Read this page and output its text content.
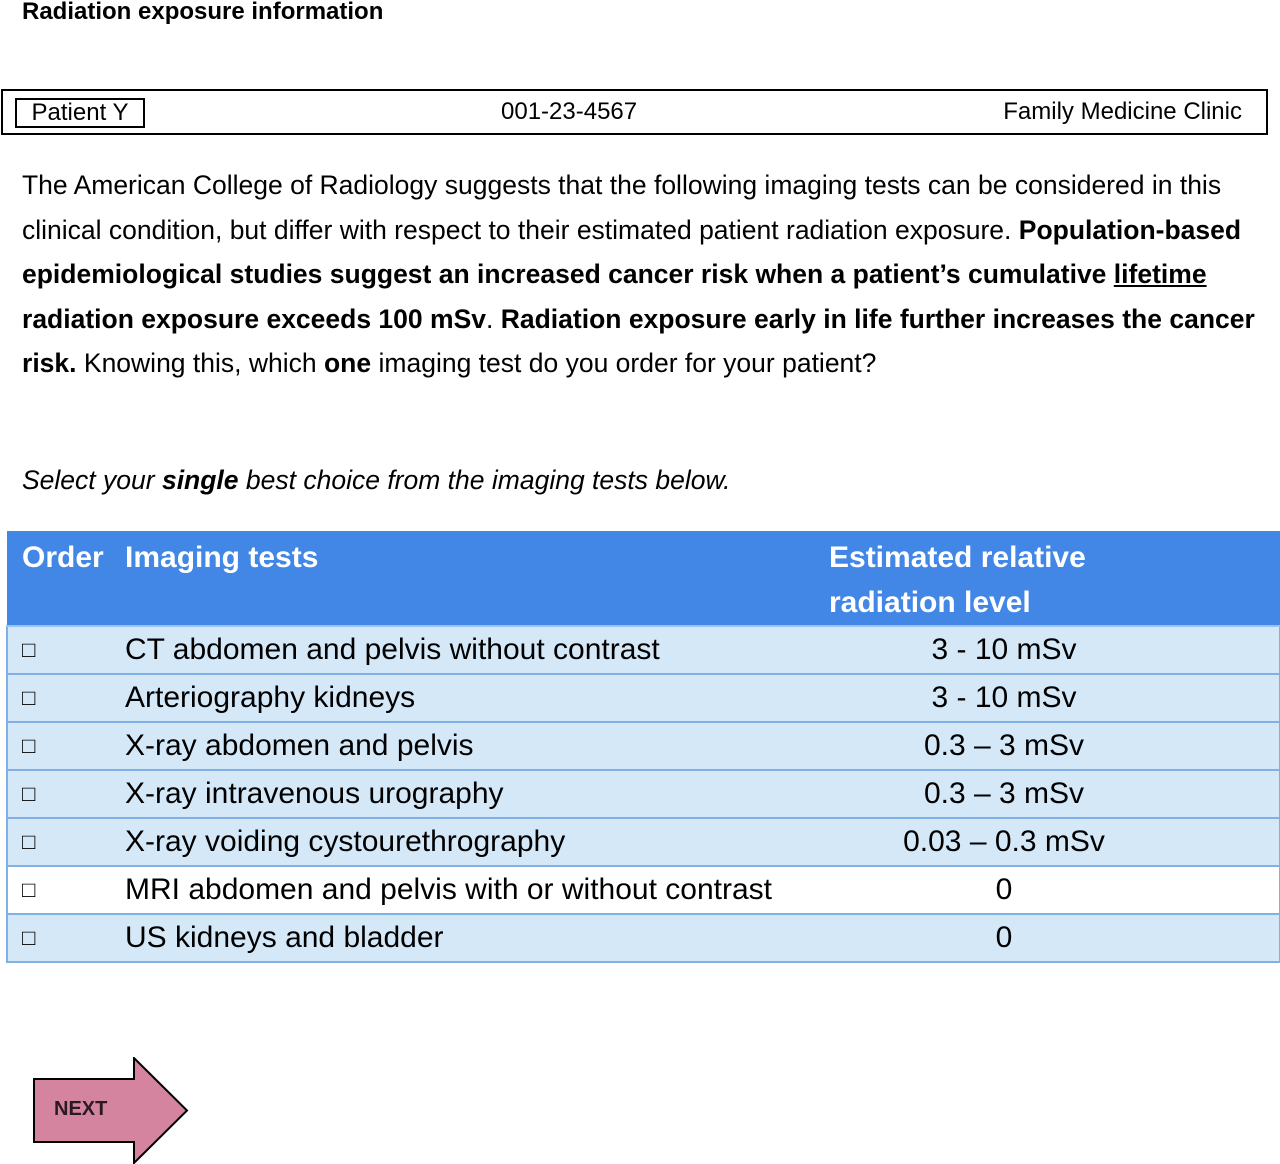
Radiation exposure information
Patient Y	001-23-4567	Family Medicine Clinic
The American College of Radiology suggests that the following imaging tests can be considered in this clinical condition, but differ with respect to their estimated patient radiation exposure. Population-based epidemiological studies suggest an increased cancer risk when a patient’s cumulative lifetime radiation exposure exceeds 100 mSv. Radiation exposure early in life further increases the cancer risk. Knowing this, which one imaging test do you order for your patient?
Select your single best choice from the imaging tests below.
Order	Imaging tests	Estimated relative radiation level
□	CT abdomen and pelvis without contrast	3 - 10 mSv
□	Arteriography kidneys	3 - 10 mSv
□	X-ray abdomen and pelvis	0.3 – 3 mSv
□	X-ray intravenous urography	0.3 – 3 mSv
□	X-ray voiding cystourethrography	0.03 – 0.3 mSv
□	MRI abdomen and pelvis with or without contrast	0
□	US kidneys and bladder	0
NEXT
